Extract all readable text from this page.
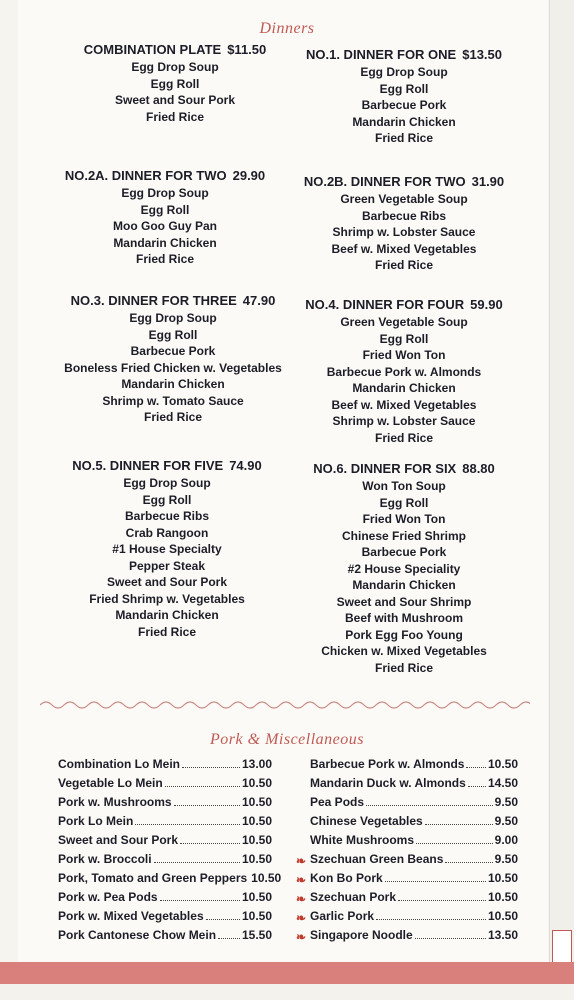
Dinners
COMBINATION PLATE $11.50
Egg Drop Soup
Egg Roll
Sweet and Sour Pork
Fried Rice
NO.1. DINNER FOR ONE $13.50
Egg Drop Soup
Egg Roll
Barbecue Pork
Mandarin Chicken
Fried Rice
NO.2A. DINNER FOR TWO 29.90
Egg Drop Soup
Egg Roll
Moo Goo Guy Pan
Mandarin Chicken
Fried Rice
NO.2B. DINNER FOR TWO 31.90
Green Vegetable Soup
Barbecue Ribs
Shrimp w. Lobster Sauce
Beef w. Mixed Vegetables
Fried Rice
NO.3. DINNER FOR THREE 47.90
Egg Drop Soup
Egg Roll
Barbecue Pork
Boneless Fried Chicken w. Vegetables
Mandarin Chicken
Shrimp w. Tomato Sauce
Fried Rice
NO.4. DINNER FOR FOUR 59.90
Green Vegetable Soup
Egg Roll
Fried Won Ton
Barbecue Pork w. Almonds
Mandarin Chicken
Beef w. Mixed Vegetables
Shrimp w. Lobster Sauce
Fried Rice
NO.5. DINNER FOR FIVE 74.90
Egg Drop Soup
Egg Roll
Barbecue Ribs
Crab Rangoon
#1 House Specialty
Pepper Steak
Sweet and Sour Pork
Fried Shrimp w. Vegetables
Mandarin Chicken
Fried Rice
NO.6. DINNER FOR SIX 88.80
Won Ton Soup
Egg Roll
Fried Won Ton
Chinese Fried Shrimp
Barbecue Pork
#2 House Speciality
Mandarin Chicken
Sweet and Sour Shrimp
Beef with Mushroom
Pork Egg Foo Young
Chicken w. Mixed Vegetables
Fried Rice
Pork & Miscellaneous
Combination Lo Mein	13.00
Vegetable Lo Mein	10.50
Pork w. Mushrooms	10.50
Pork Lo Mein	10.50
Sweet and Sour Pork	10.50
Pork w. Broccoli	10.50
Pork, Tomato and Green Peppers 10.50
Pork w. Pea Pods	10.50
Pork w. Mixed Vegetables	10.50
Pork Cantonese Chow Mein 15.50
Barbecue Pork w. Almonds 10.50
Mandarin Duck w. Almonds 14.50
Pea Pods	9.50
Chinese Vegetables	9.50
White Mushrooms	9.00
❧ Szechuan Green Beans	9.50
❧ Kon Bo Pork	10.50
❧ Szechuan Pork	10.50
❧ Garlic Pork	10.50
❧ Singapore Noodle	13.50
